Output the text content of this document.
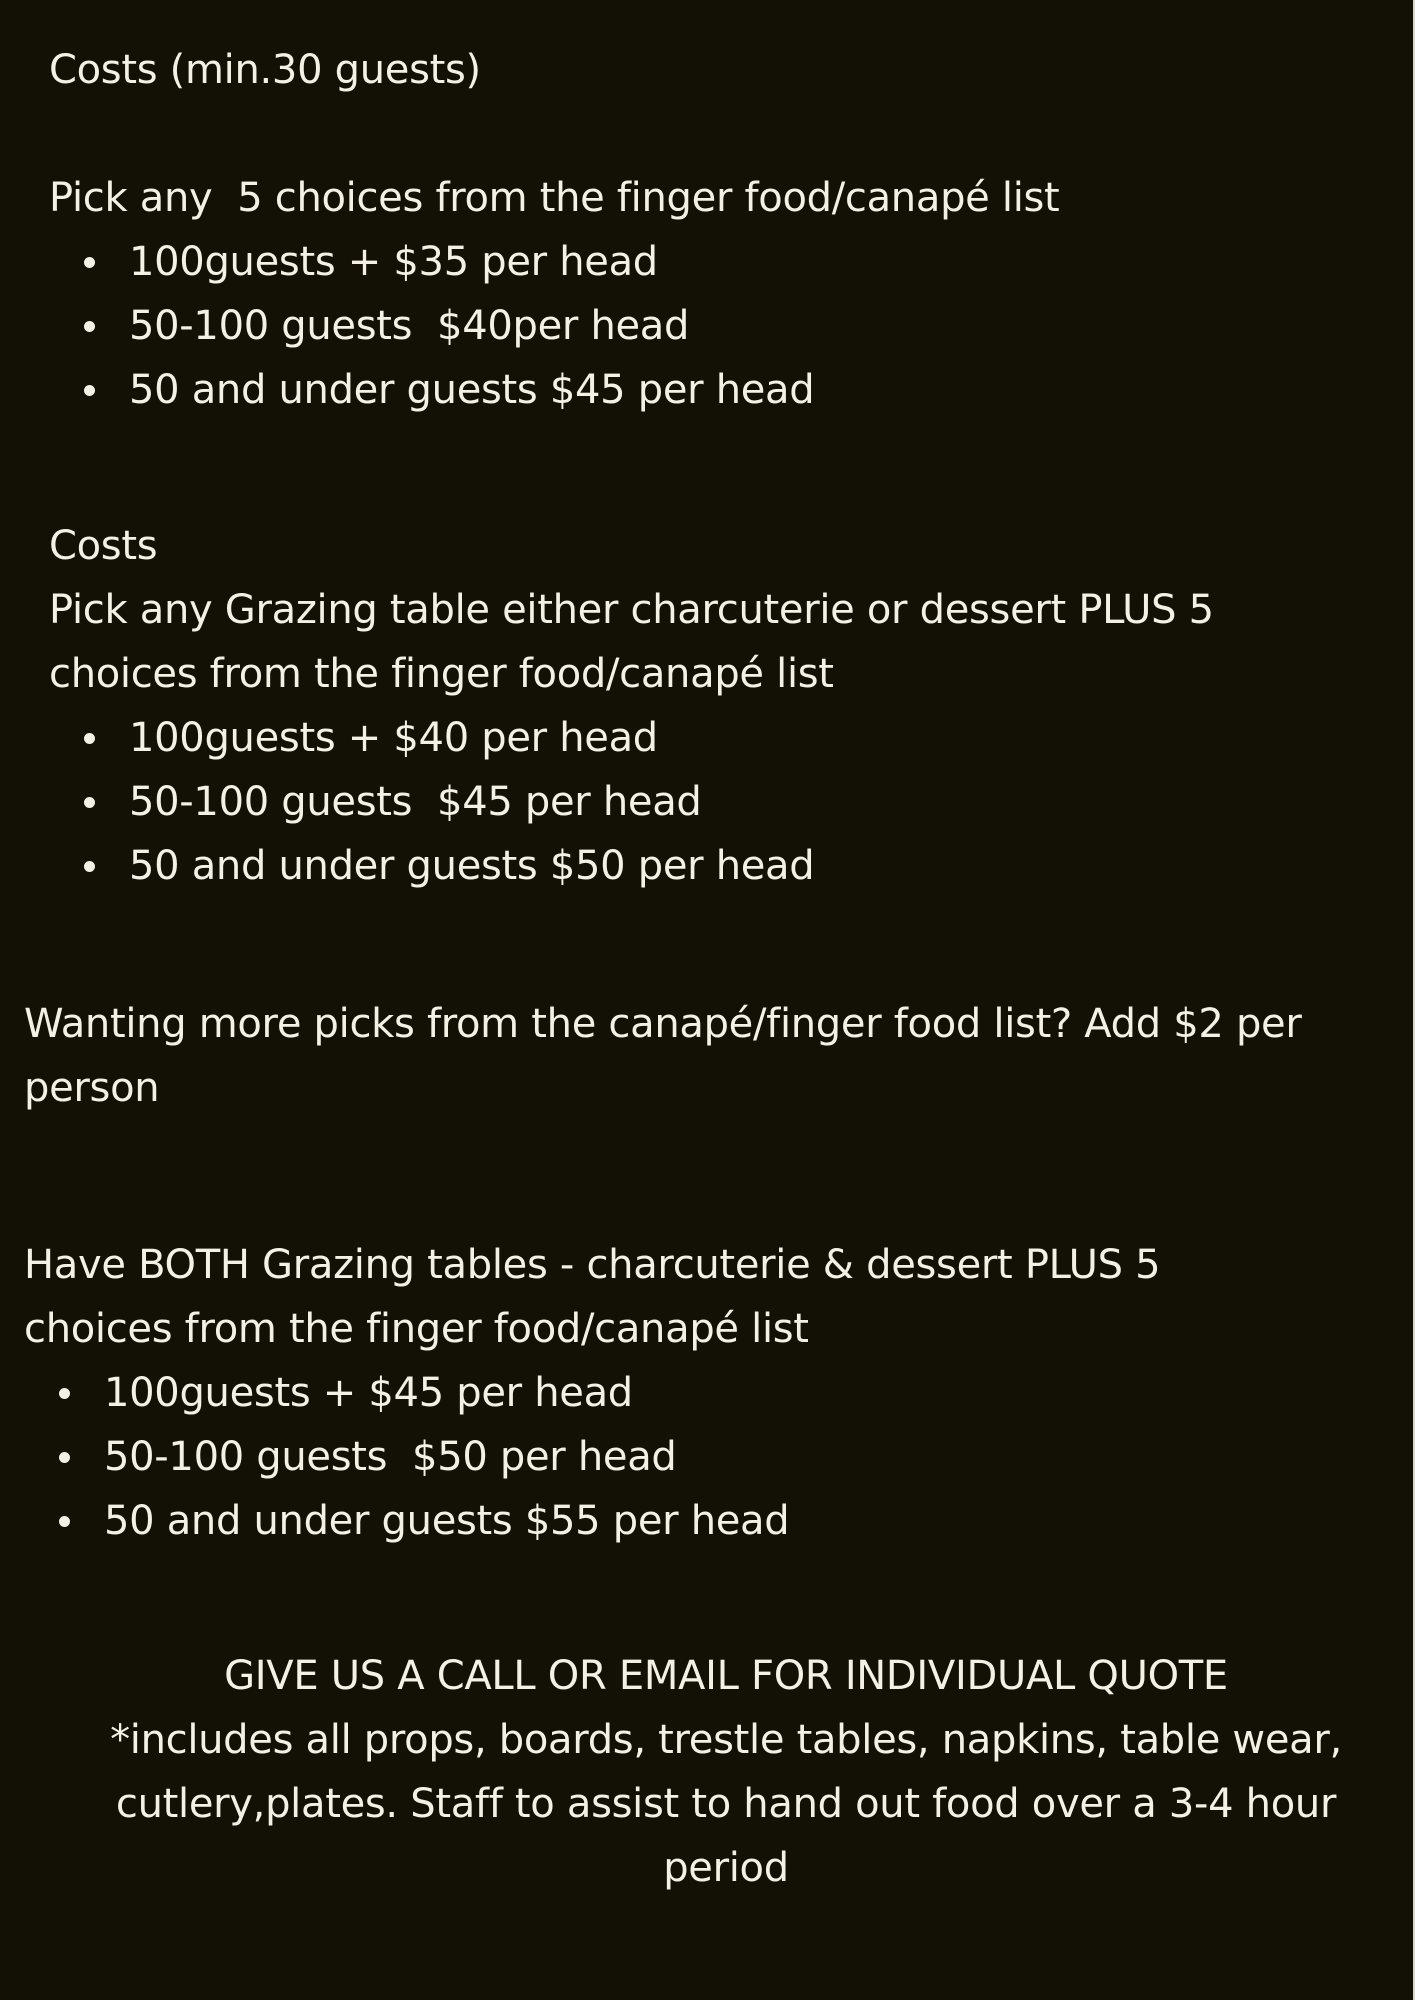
Costs (min.30 guests)

Pick any  5 choices from the finger food/canapé list

100guests + $35 per head
50-100 guests  $40per head
50 and under guests $45 per head

Costs

Pick any Grazing table either charcuterie or dessert PLUS 5 choices from the finger food/canapé list

100guests + $40 per head
50-100 guests  $45 per head
50 and under guests $50 per head

Wanting more picks from the canapé/finger food list? Add $2 per person

Have BOTH Grazing tables - charcuterie & dessert PLUS 5 choices from the finger food/canapé list

100guests + $45 per head
50-100 guests  $50 per head
50 and under guests $55 per head

GIVE US A CALL OR EMAIL FOR INDIVIDUAL QUOTE

*includes all props, boards, trestle tables, napkins, table wear, cutlery,plates. Staff to assist to hand out food over a 3-4 hour period
